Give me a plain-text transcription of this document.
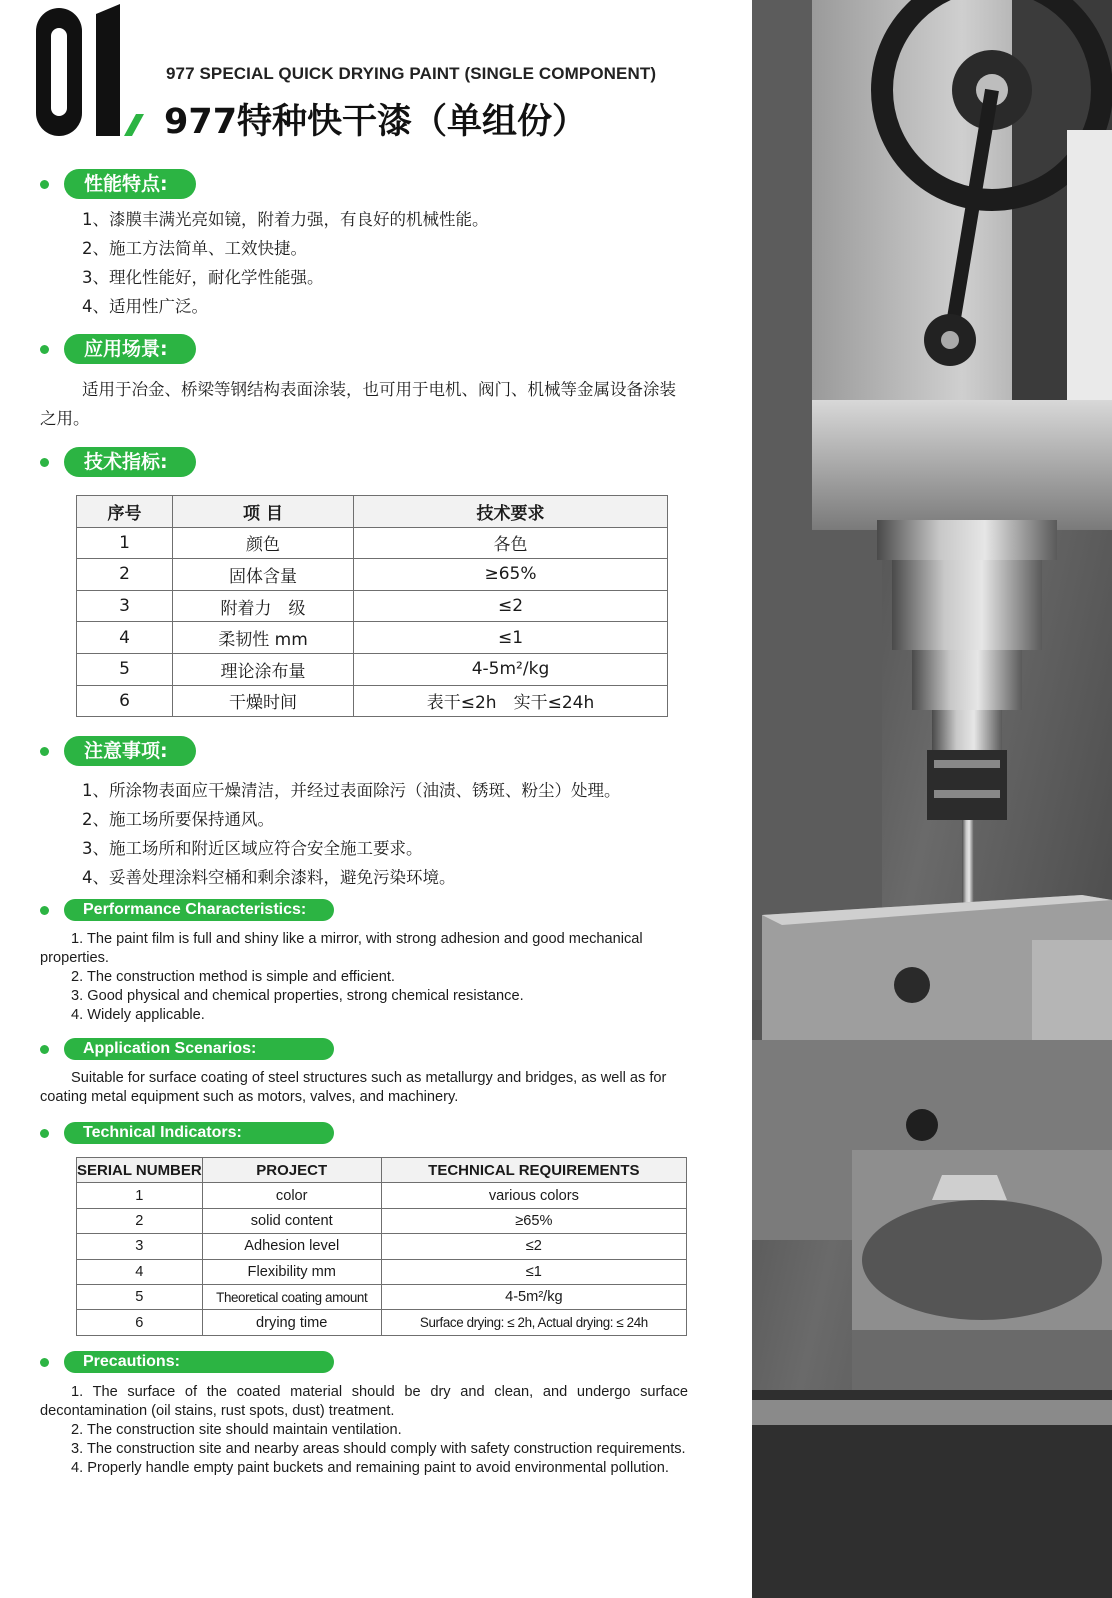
977 SPECIAL QUICK DRYING PAINT (SINGLE COMPONENT)
977特种快干漆（单组份）
性能特点:
1、漆膜丰满光亮如镜，附着力强，有良好的机械性能。
2、施工方法简单、工效快捷。
3、理化性能好，耐化学性能强。
4、适用性广泛。
应用场景:
适用于冶金、桥梁等钢结构表面涂装，也可用于电机、阀门、机械等金属设备涂装之用。
技术指标:
序号	项 目	技术要求
1	颜色	各色
2	固体含量	≥65%
3	附着力　级	≤2
4	柔韧性 mm	≤1
5	理论涂布量	4-5m²/kg
6	干燥时间	表干≤2h　实干≤24h
注意事项:
1、所涂物表面应干燥清洁，并经过表面除污（油渍、锈斑、粉尘）处理。
2、施工场所要保持通风。
3、施工场所和附近区域应符合安全施工要求。
4、妥善处理涂料空桶和剩余漆料，避免污染环境。
Performance Characteristics:
1. The paint film is full and shiny like a mirror, with strong adhesion and good mechanical properties.
2. The construction method is simple and efficient.
3. Good physical and chemical properties, strong chemical resistance.
4. Widely applicable.
Application Scenarios:
Suitable for surface coating of steel structures such as metallurgy and bridges, as well as for coating metal equipment such as motors, valves, and machinery.
Technical Indicators:
SERIAL NUMBER	PROJECT	TECHNICAL REQUIREMENTS
1	color	various colors
2	solid content	≥65%
3	Adhesion level	≤2
4	Flexibility mm	≤1
5	Theoretical coating amount	4-5m²/kg
6	drying time	Surface drying: ≤ 2h, Actual drying: ≤ 24h
Precautions:
1. The surface of the coated material should be dry and clean, and undergo surface decontamination (oil stains, rust spots, dust) treatment.
2. The construction site should maintain ventilation.
3. The construction site and nearby areas should comply with safety construction requirements.
4. Properly handle empty paint buckets and remaining paint to avoid environmental pollution.
